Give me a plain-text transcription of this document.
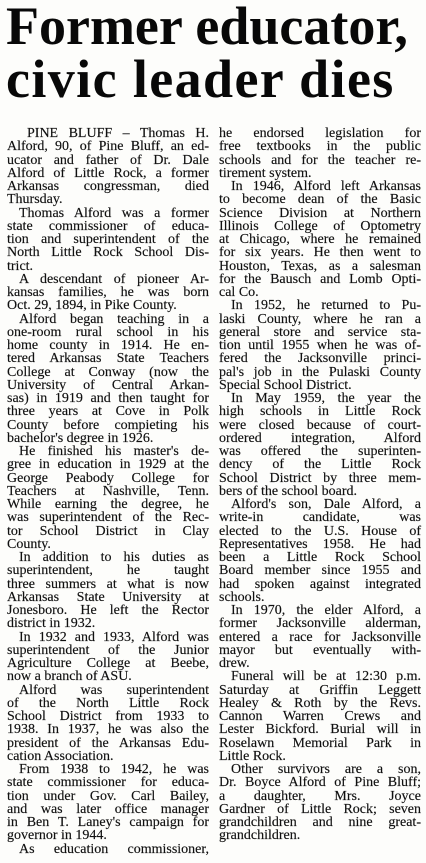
Former educator,
civic leader dies
PINE BLUFF – Thomas H.
Alford, 90, of Pine Bluff, an ed-
ucator and father of Dr. Dale
Alford of Little Rock, a former
Arkansas congressman, died
Thursday.
Thomas Alford was a former
state commissioner of educa-
tion and superintendent of the
North Little Rock School Dis-
trict.
A descendant of pioneer Ar-
kansas families, he was born
Oct. 29, 1894, in Pike County.
Alford began teaching in a
one-room rural school in his
home county in 1914. He en-
tered Arkansas State Teachers
College at Conway (now the
University of Central Arkan-
sas) in 1919 and then taught for
three years at Cove in Polk
County before compieting his
bachelor's degree in 1926.
He finished his master's de-
gree in education in 1929 at the
George Peabody College for
Teachers at Nashville, Tenn.
While earning the degree, he
was superintendent of the Rec-
tor School District in Clay
County.
In addition to his duties as
superintendent, he taught
three summers at what is now
Arkansas State University at
Jonesboro. He left the Rector
district in 1932.
In 1932 and 1933, Alford was
superintendent of the Junior
Agriculture College at Beebe,
now a branch of ASU.
Alford was superintendent
of the North Little Rock
School District from 1933 to
1938. In 1937, he was also the
president of the Arkansas Edu-
cation Association.
From 1938 to 1942, he was
state commissioner for educa-
tion under Gov. Carl Bailey,
and was later office manager
in Ben T. Laney's campaign for
governor in 1944.
As education commissioner,
he endorsed legislation for
free textbooks in the public
schools and for the teacher re-
tirement system.
In 1946, Alford left Arkansas
to become dean of the Basic
Science Division at Northern
Illinois College of Optometry
at Chicago, where he remained
for six years. He then went to
Houston, Texas, as a salesman
for the Bausch and Lomb Opti-
cal Co.
In 1952, he returned to Pu-
laski County, where he ran a
general store and service sta-
tion until 1955 when he was of-
fered the Jacksonville princi-
pal's job in the Pulaski County
Special School District.
In May 1959, the year the
high schools in Little Rock
were closed because of court-
ordered integration, Alford
was offered the superinten-
dency of the Little Rock
School District by three mem-
bers of the school board.
Alford's son, Dale Alford, a
write-in candidate, was
elected to the U.S. House of
Representatives 1958. He had
been a Little Rock School
Board member since 1955 and
had spoken against integrated
schools.
In 1970, the elder Alford, a
former Jacksonville alderman,
entered a race for Jacksonville
mayor but eventually with-
drew.
Funeral will be at 12:30 p.m.
Saturday at Griffin Leggett
Healey & Roth by the Revs.
Cannon Warren Crews and
Lester Bickford. Burial will in
Roselawn Memorial Park in
Little Rock.
Other survivors are a son,
Dr. Boyce Alford of Pine Bluff;
a daughter, Mrs. Joyce
Gardner of Little Rock; seven
grandchildren and nine great-
grandchildren.
